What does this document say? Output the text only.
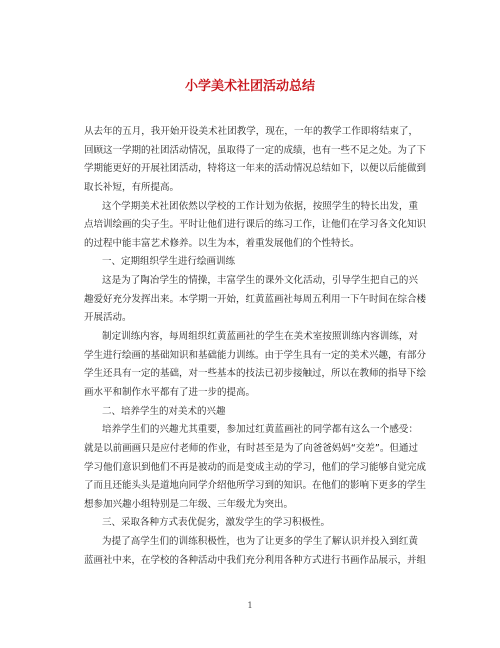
小学美术社团活动总结
从去年的五月，我开始开设美术社团教学，现在，一年的教学工作即将结束了，
回顾这一学期的社团活动情况，虽取得了一定的成绩，也有一些不足之处。为了下
学期能更好的开展社团活动，特将这一年来的活动情况总结如下，以便以后能做到
取长补短，有所提高。
这个学期美术社团依然以学校的工作计划为依据，按照学生的特长出发，重
点培训绘画的尖子生。平时让他们进行课后的练习工作，让他们在学习各文化知识
的过程中能丰富艺术修养。以生为本，着重发展他们的个性特长。
一、定期组织学生进行绘画训练
这是为了陶冶学生的情操，丰富学生的课外文化活动，引导学生把自己的兴
趣爱好充分发挥出来。本学期一开始，红黄蓝画社每周五利用一下午时间在综合楼
开展活动。
制定训练内容，每周组织红黄蓝画社的学生在美术室按照训练内容训练，对
学生进行绘画的基础知识和基础能力训练。由于学生具有一定的美术兴趣，有部分
学生还具有一定的基础，对一些基本的技法已初步接触过，所以在教师的指导下绘
画水平和制作水平都有了进一步的提高。
二、培养学生的对美术的兴趣
培养学生们的兴趣尤其重要，参加过红黄蓝画社的同学都有这么一个感受：
就是以前画画只是应付老师的作业，有时甚至是为了向爸爸妈妈“交差”。但通过
学习他们意识到他们不再是被动的而是变成主动的学习，他们的学习能够自觉完成
了而且还能头头是道地向同学介绍他所学习到的知识。在他们的影响下更多的学生
想参加兴趣小组特别是二年级、三年级尤为突出。
三、采取各种方式表优促劣，激发学生的学习积极性。
为提了高学生们的训练积极性，也为了让更多的学生了解认识并投入到红黄
蓝画社中来，在学校的各种活动中我们充分利用各种方式进行书画作品展示，并组
1
